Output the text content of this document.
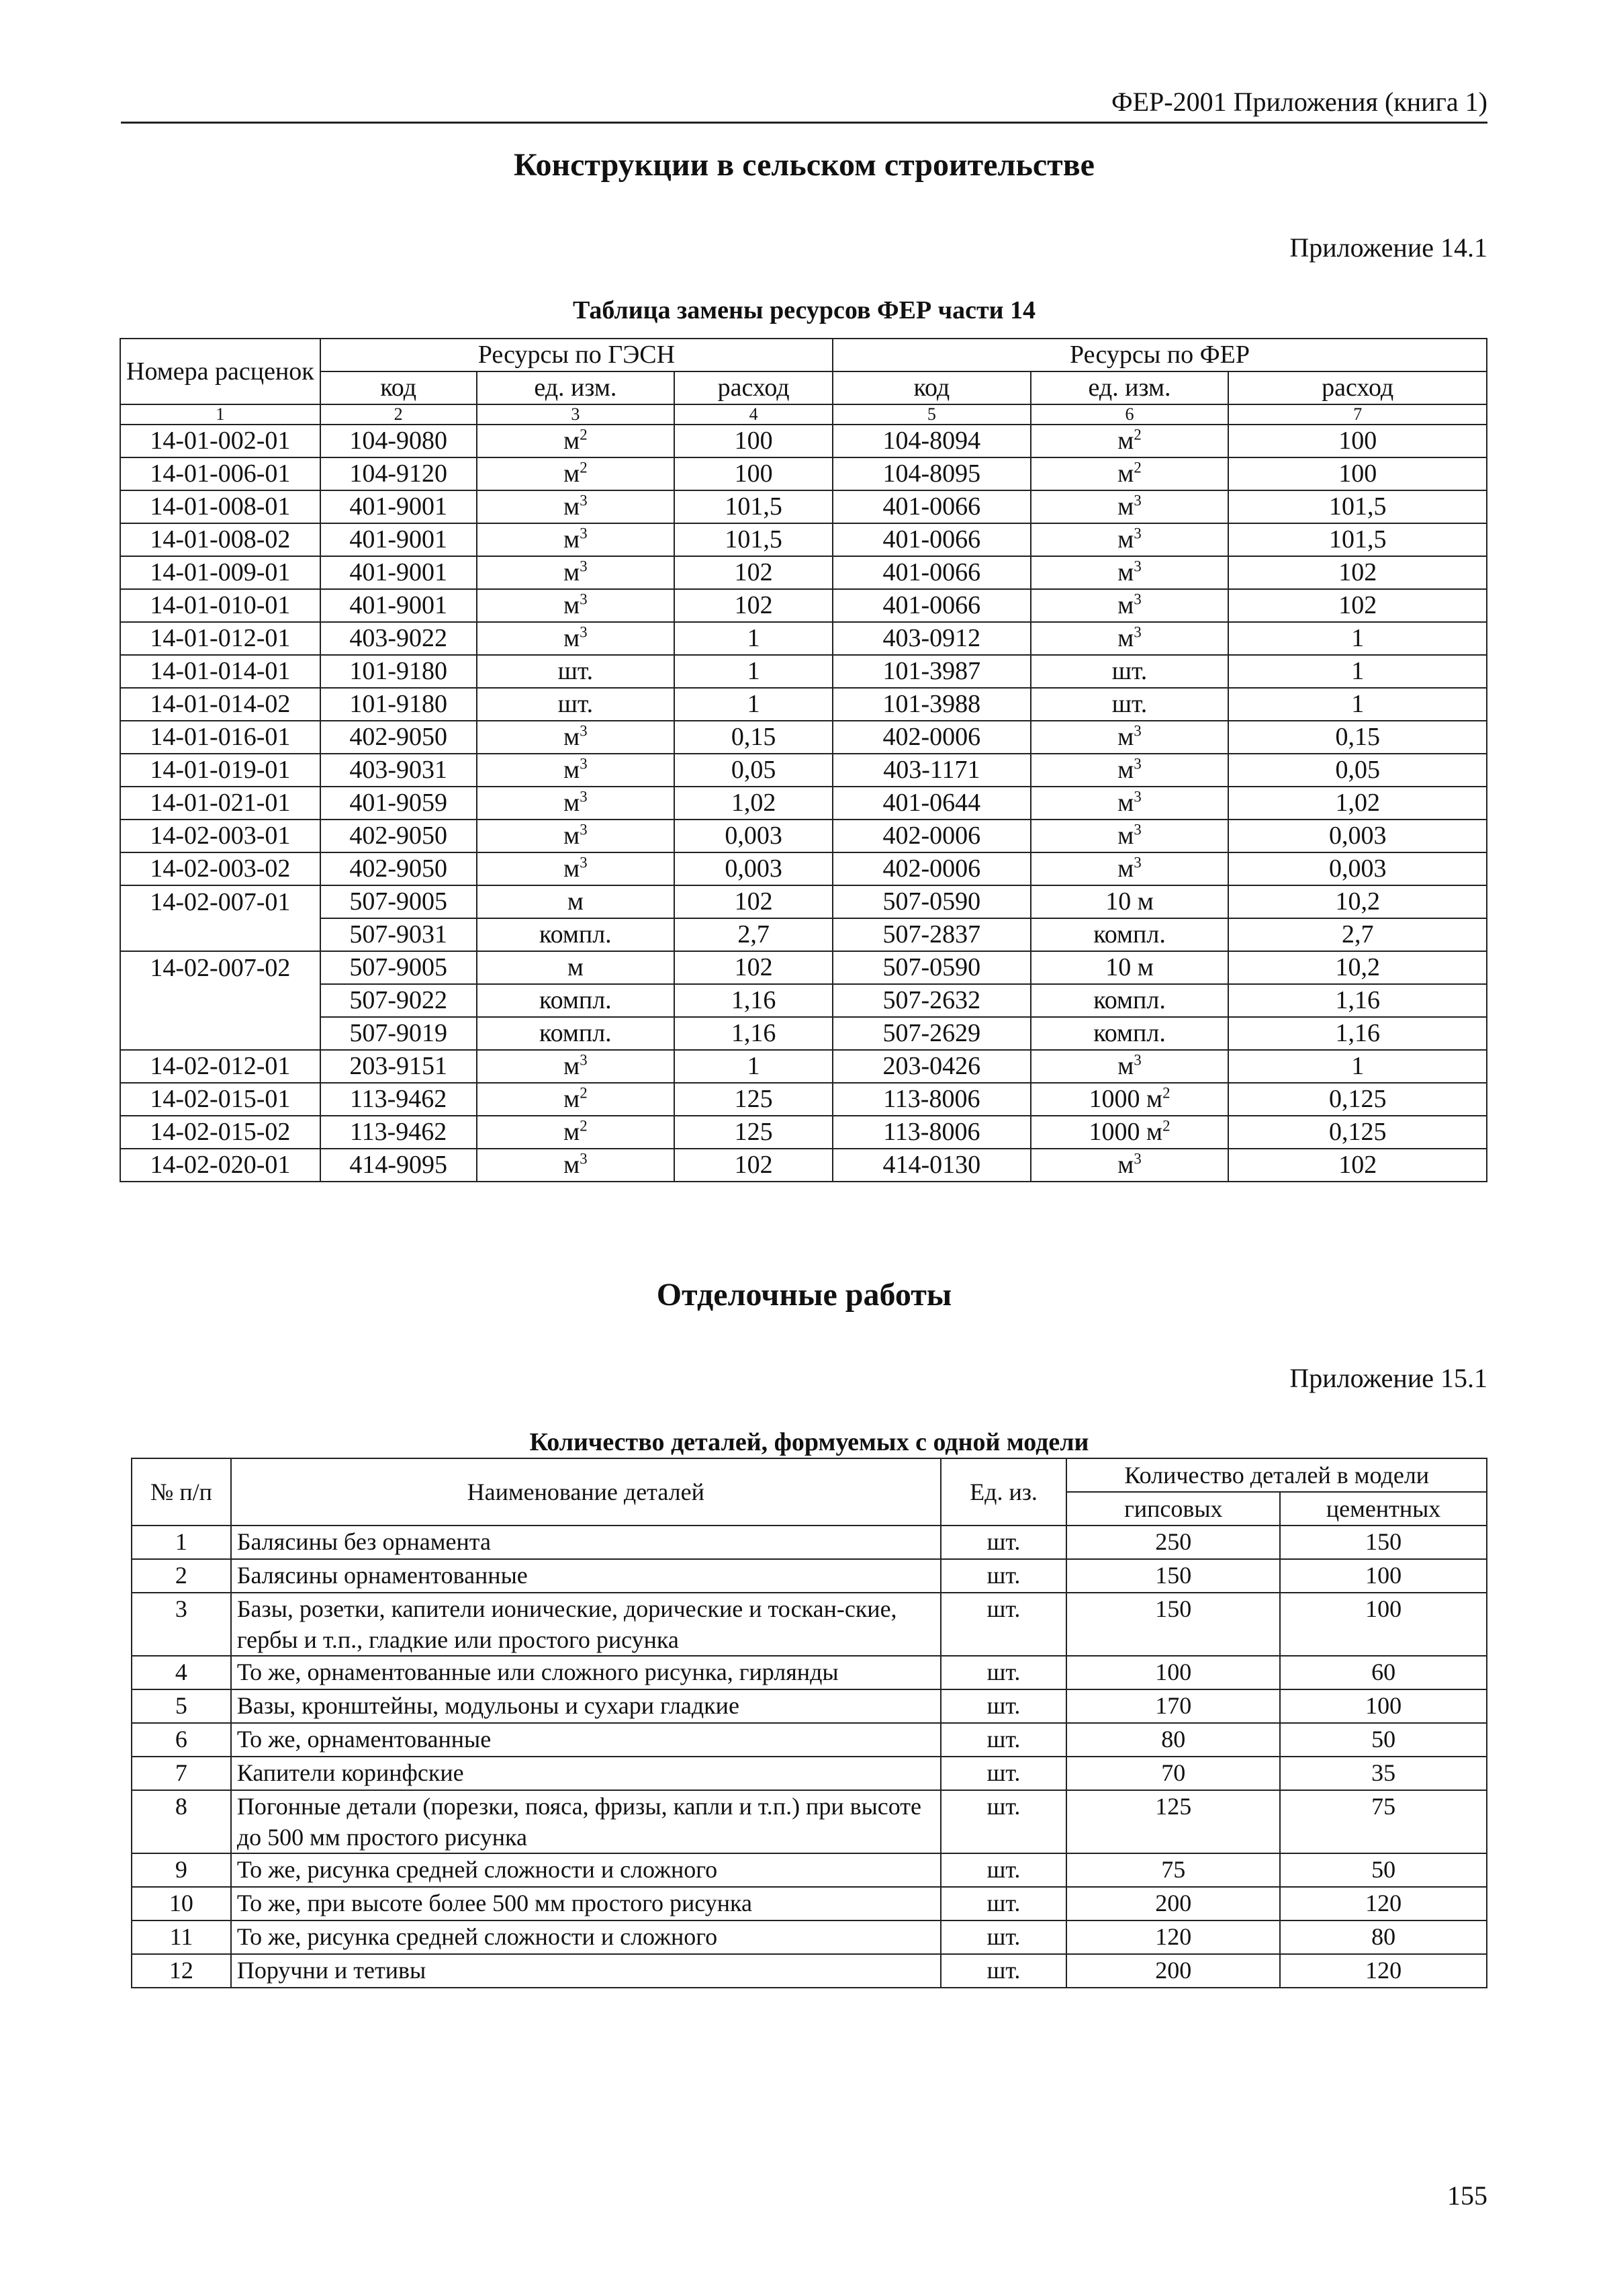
ФЕР-2001 Приложения (книга 1)
Конструкции в сельском строительстве
Приложение 14.1
Таблица замены ресурсов ФЕР части 14
Номера расценок	Ресурсы по ГЭСН			Ресурсы по ФЕР		
	код	ед. изм.	расход	код	ед. изм.	расход
1	2	3	4	5	6	7
14-01-002-01	104-9080	$м^2$	100	104-8094	$м^2$	100
14-01-006-01	104-9120	$м^2$	100	104-8095	$м^2$	100
14-01-008-01	401-9001	$м^3$	101,5	401-0066	$м^3$	101,5
14-01-008-02	401-9001	$м^3$	101,5	401-0066	$м^3$	101,5
14-01-009-01	401-9001	$м^3$	102	401-0066	$м^3$	102
14-01-010-01	401-9001	$м^3$	102	401-0066	$м^3$	102
14-01-012-01	403-9022	$м^3$	1	403-0912	$м^3$	1
14-01-014-01	101-9180	шт.	1	101-3987	шт.	1
14-01-014-02	101-9180	шт.	1	101-3988	шт.	1
14-01-016-01	402-9050	$м^3$	0,15	402-0006	$м^3$	0,15
14-01-019-01	403-9031	$м^3$	0,05	403-1171	$м^3$	0,05
14-01-021-01	401-9059	$м^3$	1,02	401-0644	$м^3$	1,02
14-02-003-01	402-9050	$м^3$	0,003	402-0006	$м^3$	0,003
14-02-003-02	402-9050	$м^3$	0,003	402-0006	$м^3$	0,003
14-02-007-01	507-9005	м	102	507-0590	10 м	10,2
	507-9031	компл.	2,7	507-2837	компл.	2,7
14-02-007-02	507-9005	м	102	507-0590	10 м	10,2
	507-9022	компл.	1,16	507-2632	компл.	1,16
	507-9019	компл.	1,16	507-2629	компл.	1,16
14-02-012-01	203-9151	$м^3$	1	203-0426	$м^3$	1
14-02-015-01	113-9462	$м^2$	125	113-8006	1000 $м^2$	0,125
14-02-015-02	113-9462	$м^2$	125	113-8006	1000 $м^2$	0,125
14-02-020-01	414-9095	$м^3$	102	414-0130	$м^3$	102
Отделочные работы
Приложение 15.1
Количество деталей, формуемых с одной модели
№ п/п	Наименование деталей	Ед. из.	Количество деталей в модели	
			гипсовых	цементных
1	Балясины без орнамента	шт.	250	150
2	Балясины орнаментованные	шт.	150	100
3	Базы, розетки, капители ионические, дорические и тоскан-ские, гербы и т.п., гладкие или простого рисунка	шт.	150	100
4	То же, орнаментованные или сложного рисунка, гирлянды	шт.	100	60
5	Вазы, кронштейны, модульоны и сухари гладкие	шт.	170	100
6	То же, орнаментованные	шт.	80	50
7	Капители коринфские	шт.	70	35
8	Погонные детали (порезки, пояса, фризы, капли и т.п.) при высоте до 500 мм простого рисунка	шт.	125	75
9	То же, рисунка средней сложности и сложного	шт.	75	50
10	То же, при высоте более 500 мм простого рисунка	шт.	200	120
11	То же, рисунка средней сложности и сложного	шт.	120	80
12	Поручни и тетивы	шт.	200	120
155
